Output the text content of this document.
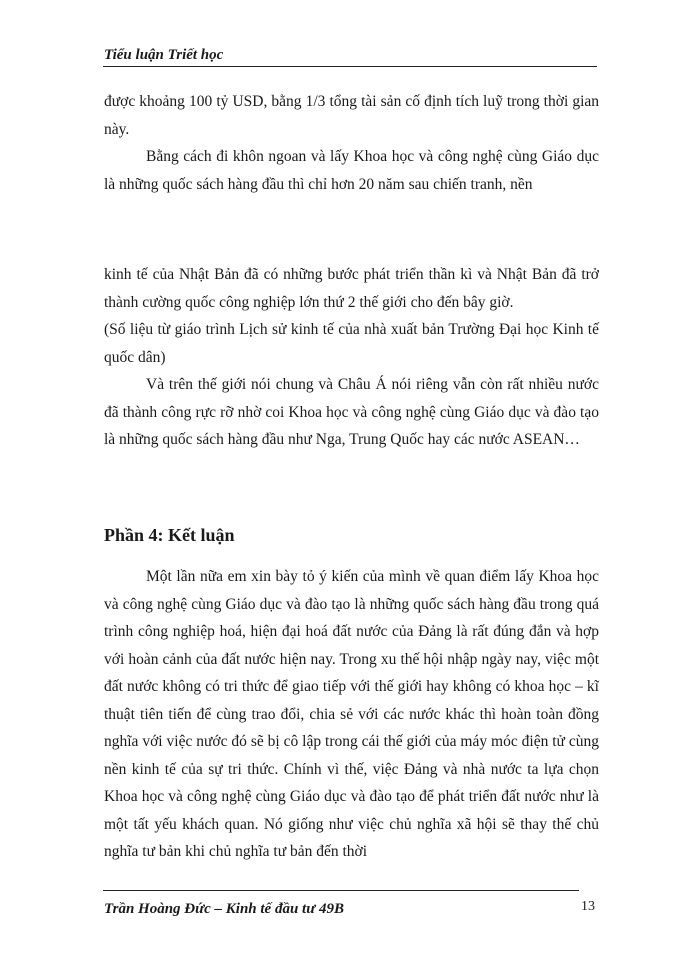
Tiểu luận Triết học

được khoảng 100 tỷ USD, bằng 1/3 tổng tài sản cố định tích luỹ trong thời gian này.

Bằng cách đi khôn ngoan và lấy Khoa học và công nghệ cùng Giáo dục là những quốc sách hàng đầu thì chỉ hơn 20 năm sau chiến tranh, nền

kinh tế của Nhật Bản đã có những bước phát triển thần kì và Nhật Bản đã trở thành cường quốc công nghiệp lớn thứ 2 thế giới cho đến bây giờ.

(Số liệu từ giáo trình Lịch sử kinh tế của nhà xuất bản Trường Đại học Kinh tế quốc dân)

Và trên thế giới nói chung và Châu Á nói riêng vẫn còn rất nhiều nước đã thành công rực rỡ nhờ coi Khoa học và công nghệ cùng Giáo dục và đào tạo là những quốc sách hàng đầu như Nga, Trung Quốc hay các nước ASEAN…

Phần 4: Kết luận

Một lần nữa em xin bày tỏ ý kiến của mình về quan điểm lấy Khoa học và công nghệ cùng Giáo dục và đào tạo là những quốc sách hàng đầu trong quá trình công nghiệp hoá, hiện đại hoá đất nước của Đảng là rất đúng đắn và hợp với hoàn cảnh của đất nước hiện nay. Trong xu thế hội nhập ngày nay, việc một đất nước không có tri thức để giao tiếp với thế giới hay không có khoa học – kĩ thuật tiên tiến để cùng trao đổi, chia sẻ với các nước khác thì hoàn toàn đồng nghĩa với việc nước đó sẽ bị cô lập trong cái thế giới của máy móc điện tử cùng nền kinh tế của sự tri thức. Chính vì thế, việc Đảng và nhà nước ta lựa chọn Khoa học và công nghệ cùng Giáo dục và đào tạo để phát triển đất nước như là một tất yếu khách quan. Nó giống như việc chủ nghĩa xã hội sẽ thay thế chủ nghĩa tư bản khi chủ nghĩa tư bản đến thời

Trần Hoàng Đức – Kinh tế đầu tư 49B	13
